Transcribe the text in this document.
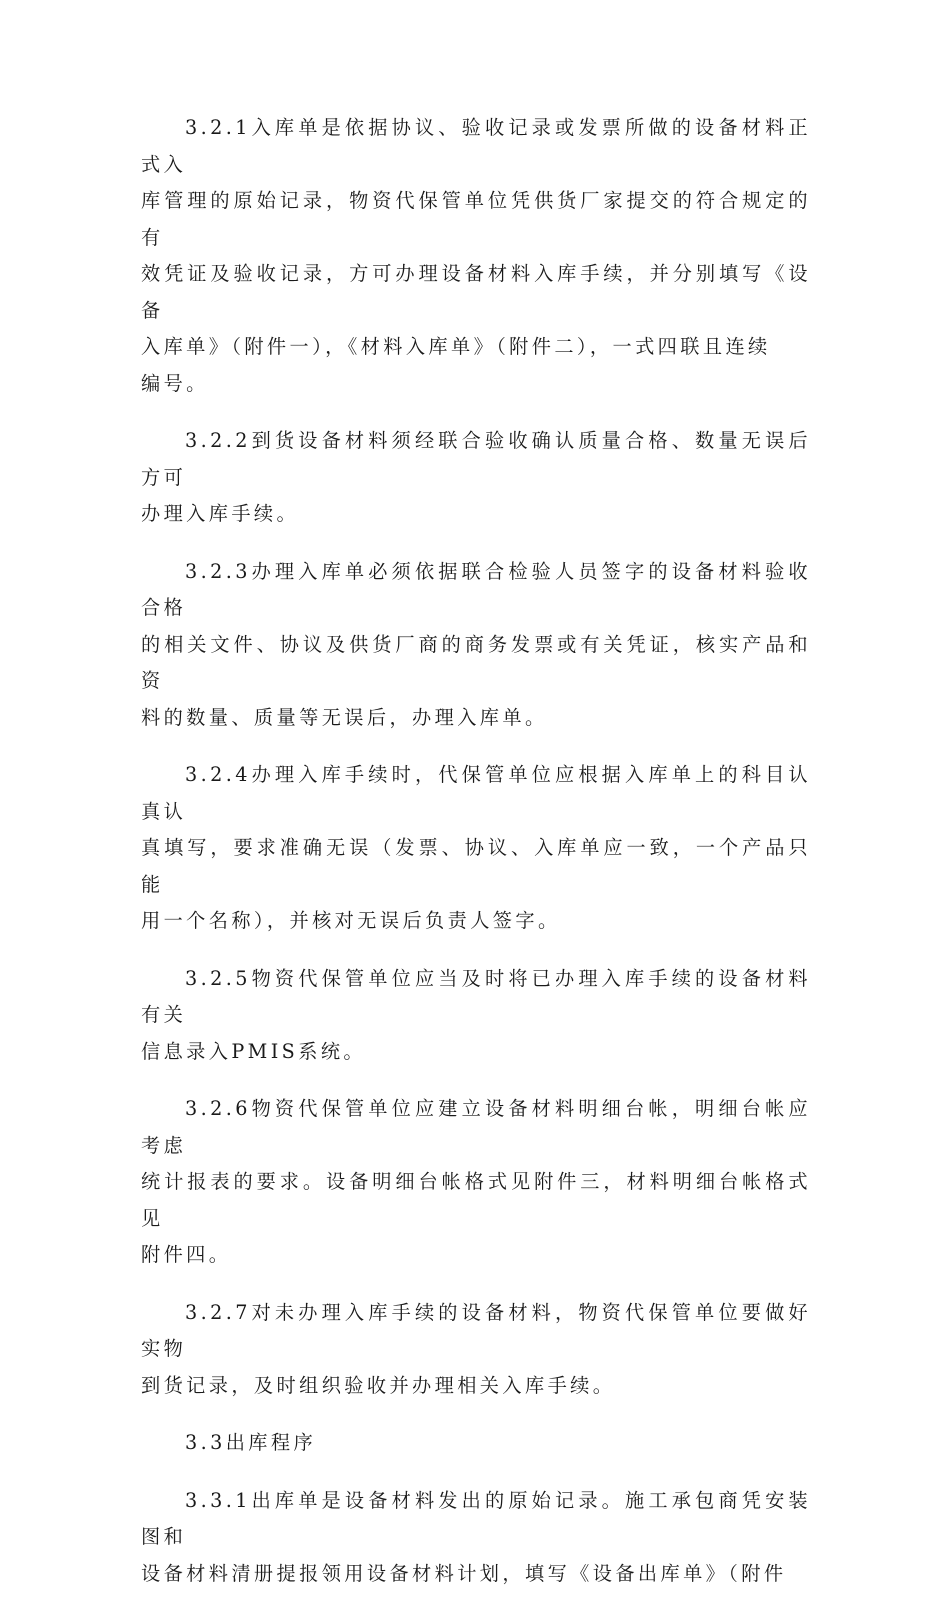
3.2.1入库单是依据协议、验收记录或发票所做的设备材料正式入
库管理的原始记录，物资代保管单位凭供货厂家提交的符合规定的有
效凭证及验收记录，方可办理设备材料入库手续，并分别填写《设备
入库单》（附件一），《材料入库单》（附件二），一式四联且连续
编号。

3.2.2到货设备材料须经联合验收确认质量合格、数量无误后方可
办理入库手续。

3.2.3办理入库单必须依据联合检验人员签字的设备材料验收合格
的相关文件、协议及供货厂商的商务发票或有关凭证，核实产品和资
料的数量、质量等无误后，办理入库单。

3.2.4办理入库手续时，代保管单位应根据入库单上的科目认真认
真填写，要求准确无误（发票、协议、入库单应一致，一个产品只能
用一个名称），并核对无误后负责人签字。

3.2.5物资代保管单位应当及时将已办理入库手续的设备材料有关
信息录入PMIS系统。

3.2.6物资代保管单位应建立设备材料明细台帐，明细台帐应考虑
统计报表的要求。设备明细台帐格式见附件三，材料明细台帐格式见
附件四。

3.2.7对未办理入库手续的设备材料，物资代保管单位要做好实物
到货记录，及时组织验收并办理相关入库手续。

3.3出库程序

3.3.1出库单是设备材料发出的原始记录。施工承包商凭安装图和
设备材料清册提报领用设备材料计划，填写《设备出库单》（附件
